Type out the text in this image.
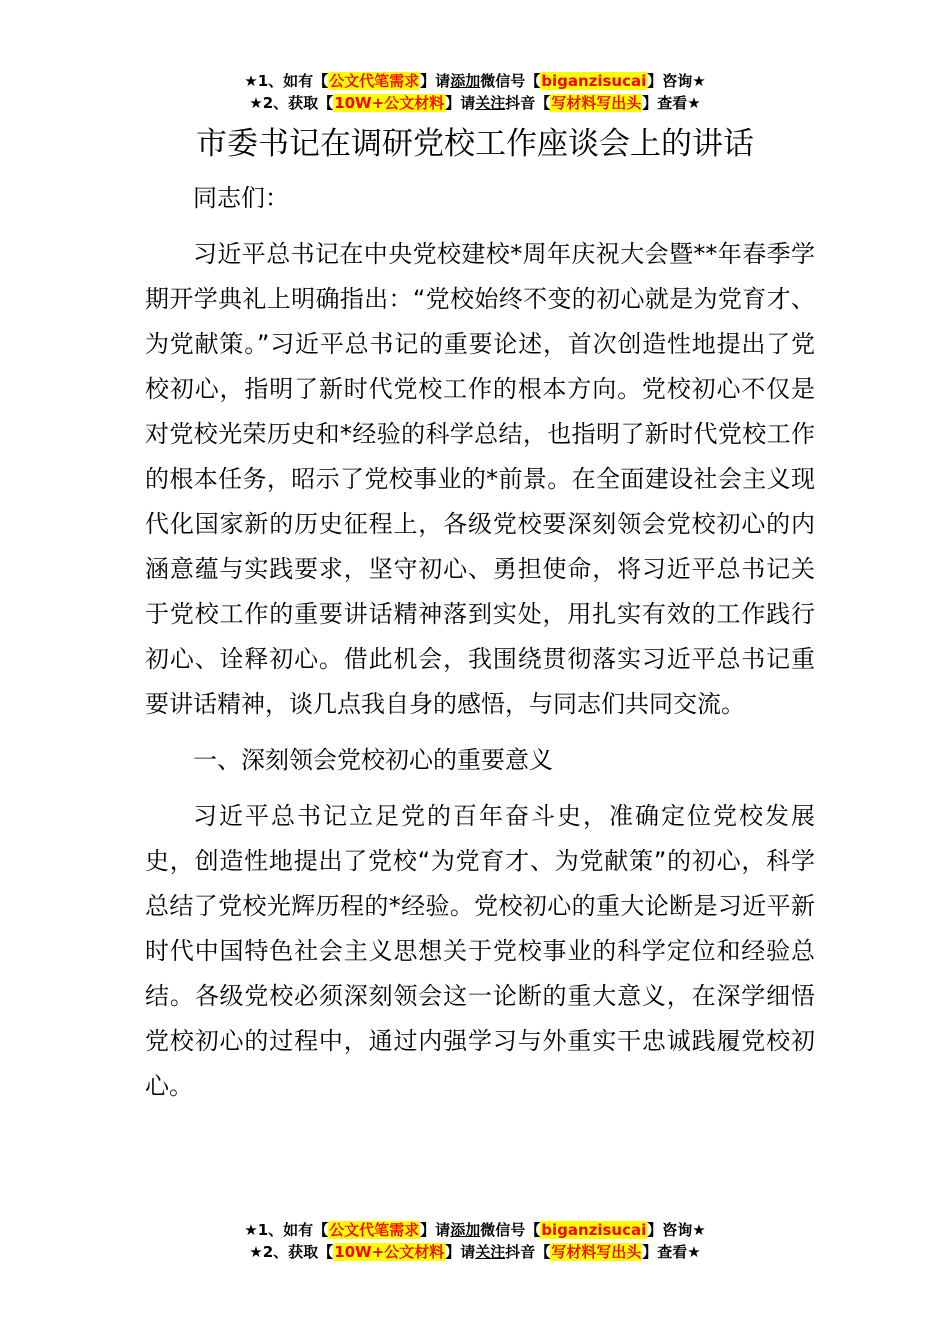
★1、如有【公文代笔需求】请添加微信号【biganzisucai】咨询★
★2、获取【10W+公文材料】请关注抖音【写材料写出头】查看★
市委书记在调研党校工作座谈会上的讲话

同志们：

习近平总书记在中央党校建校*周年庆祝大会暨**年春季学期开学典礼上明确指出：“党校始终不变的初心就是为党育才、为党献策。”习近平总书记的重要论述，首次创造性地提出了党校初心，指明了新时代党校工作的根本方向。党校初心不仅是对党校光荣历史和*经验的科学总结，也指明了新时代党校工作的根本任务，昭示了党校事业的*前景。在全面建设社会主义现代化国家新的历史征程上，各级党校要深刻领会党校初心的内涵意蕴与实践要求，坚守初心、勇担使命，将习近平总书记关于党校工作的重要讲话精神落到实处，用扎实有效的工作践行初心、诠释初心。借此机会，我围绕贯彻落实习近平总书记重要讲话精神，谈几点我自身的感悟，与同志们共同交流。

一、深刻领会党校初心的重要意义

习近平总书记立足党的百年奋斗史，准确定位党校发展史，创造性地提出了党校“为党育才、为党献策”的初心，科学总结了党校光辉历程的*经验。党校初心的重大论断是习近平新时代中国特色社会主义思想关于党校事业的科学定位和经验总结。各级党校必须深刻领会这一论断的重大意义，在深学细悟党校初心的过程中，通过内强学习与外重实干忠诚践履党校初心。

★1、如有【公文代笔需求】请添加微信号【biganzisucai】咨询★
★2、获取【10W+公文材料】请关注抖音【写材料写出头】查看★
